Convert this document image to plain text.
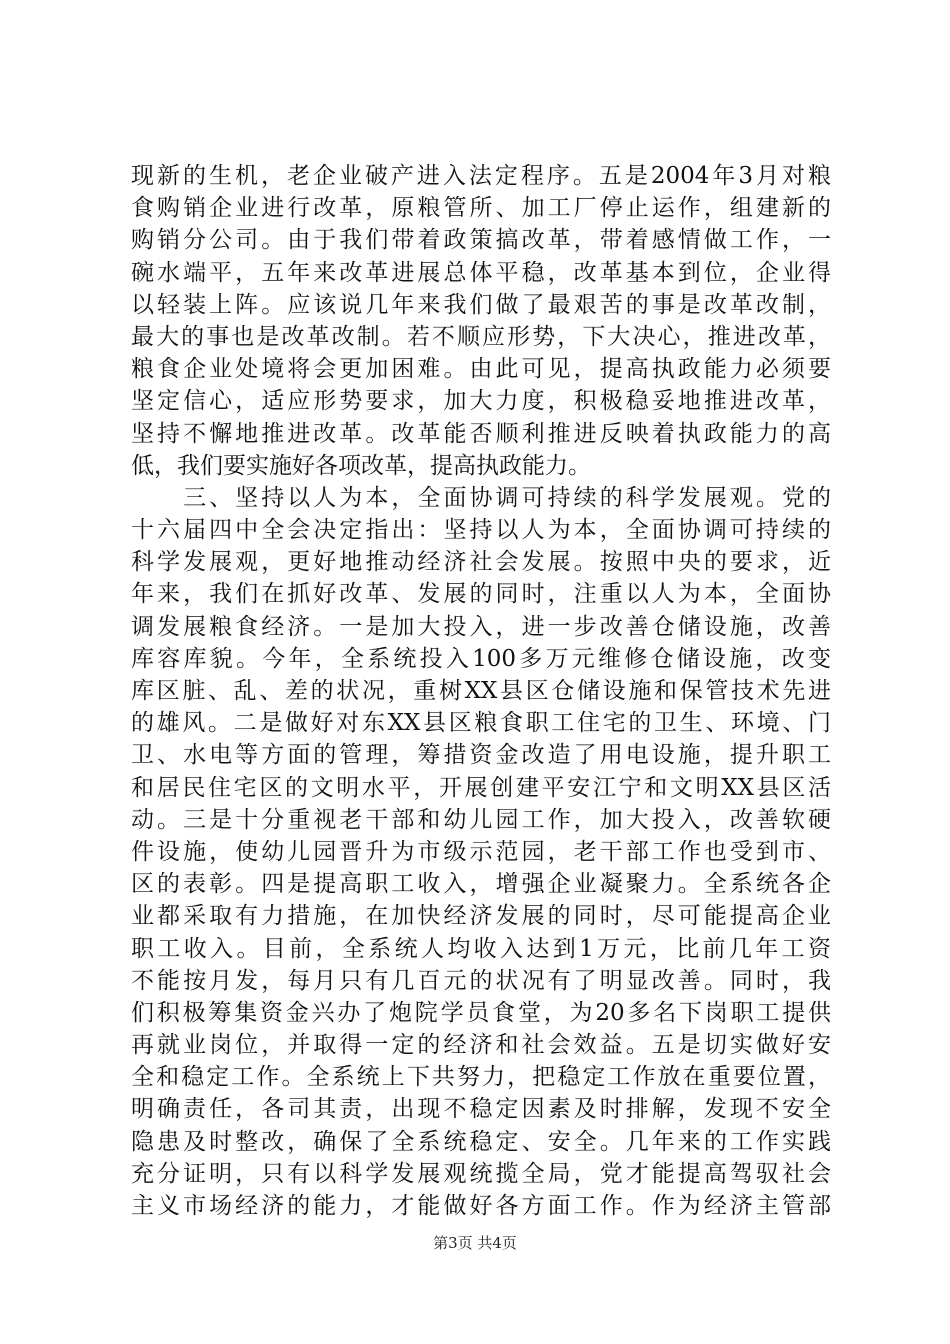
现新的生机，老企业破产进入法定程序。五是2004年3月对粮
食购销企业进行改革，原粮管所、加工厂停止运作，组建新的
购销分公司。由于我们带着政策搞改革，带着感情做工作，一
碗水端平，五年来改革进展总体平稳，改革基本到位，企业得
以轻装上阵。应该说几年来我们做了最艰苦的事是改革改制，
最大的事也是改革改制。若不顺应形势，下大决心，推进改革，
粮食企业处境将会更加困难。由此可见，提高执政能力必须要
坚定信心，适应形势要求，加大力度，积极稳妥地推进改革，
坚持不懈地推进改革。改革能否顺利推进反映着执政能力的高
低，我们要实施好各项改革，提高执政能力。
　　三、坚持以人为本，全面协调可持续的科学发展观。党的
十六届四中全会决定指出：坚持以人为本，全面协调可持续的
科学发展观，更好地推动经济社会发展。按照中央的要求，近
年来，我们在抓好改革、发展的同时，注重以人为本，全面协
调发展粮食经济。一是加大投入，进一步改善仓储设施，改善
库容库貌。今年，全系统投入100多万元维修仓储设施，改变
库区脏、乱、差的状况，重树XX县区仓储设施和保管技术先进
的雄风。二是做好对东XX县区粮食职工住宅的卫生、环境、门
卫、水电等方面的管理，筹措资金改造了用电设施，提升职工
和居民住宅区的文明水平，开展创建平安江宁和文明XX县区活
动。三是十分重视老干部和幼儿园工作，加大投入，改善软硬
件设施，使幼儿园晋升为市级示范园，老干部工作也受到市、
区的表彰。四是提高职工收入，增强企业凝聚力。全系统各企
业都采取有力措施，在加快经济发展的同时，尽可能提高企业
职工收入。目前，全系统人均收入达到1万元，比前几年工资
不能按月发，每月只有几百元的状况有了明显改善。同时，我
们积极筹集资金兴办了炮院学员食堂，为20多名下岗职工提供
再就业岗位，并取得一定的经济和社会效益。五是切实做好安
全和稳定工作。全系统上下共努力，把稳定工作放在重要位置，
明确责任，各司其责，出现不稳定因素及时排解，发现不安全
隐患及时整改，确保了全系统稳定、安全。几年来的工作实践
充分证明，只有以科学发展观统揽全局，党才能提高驾驭社会
主义市场经济的能力，才能做好各方面工作。作为经济主管部
第3页 共4页
